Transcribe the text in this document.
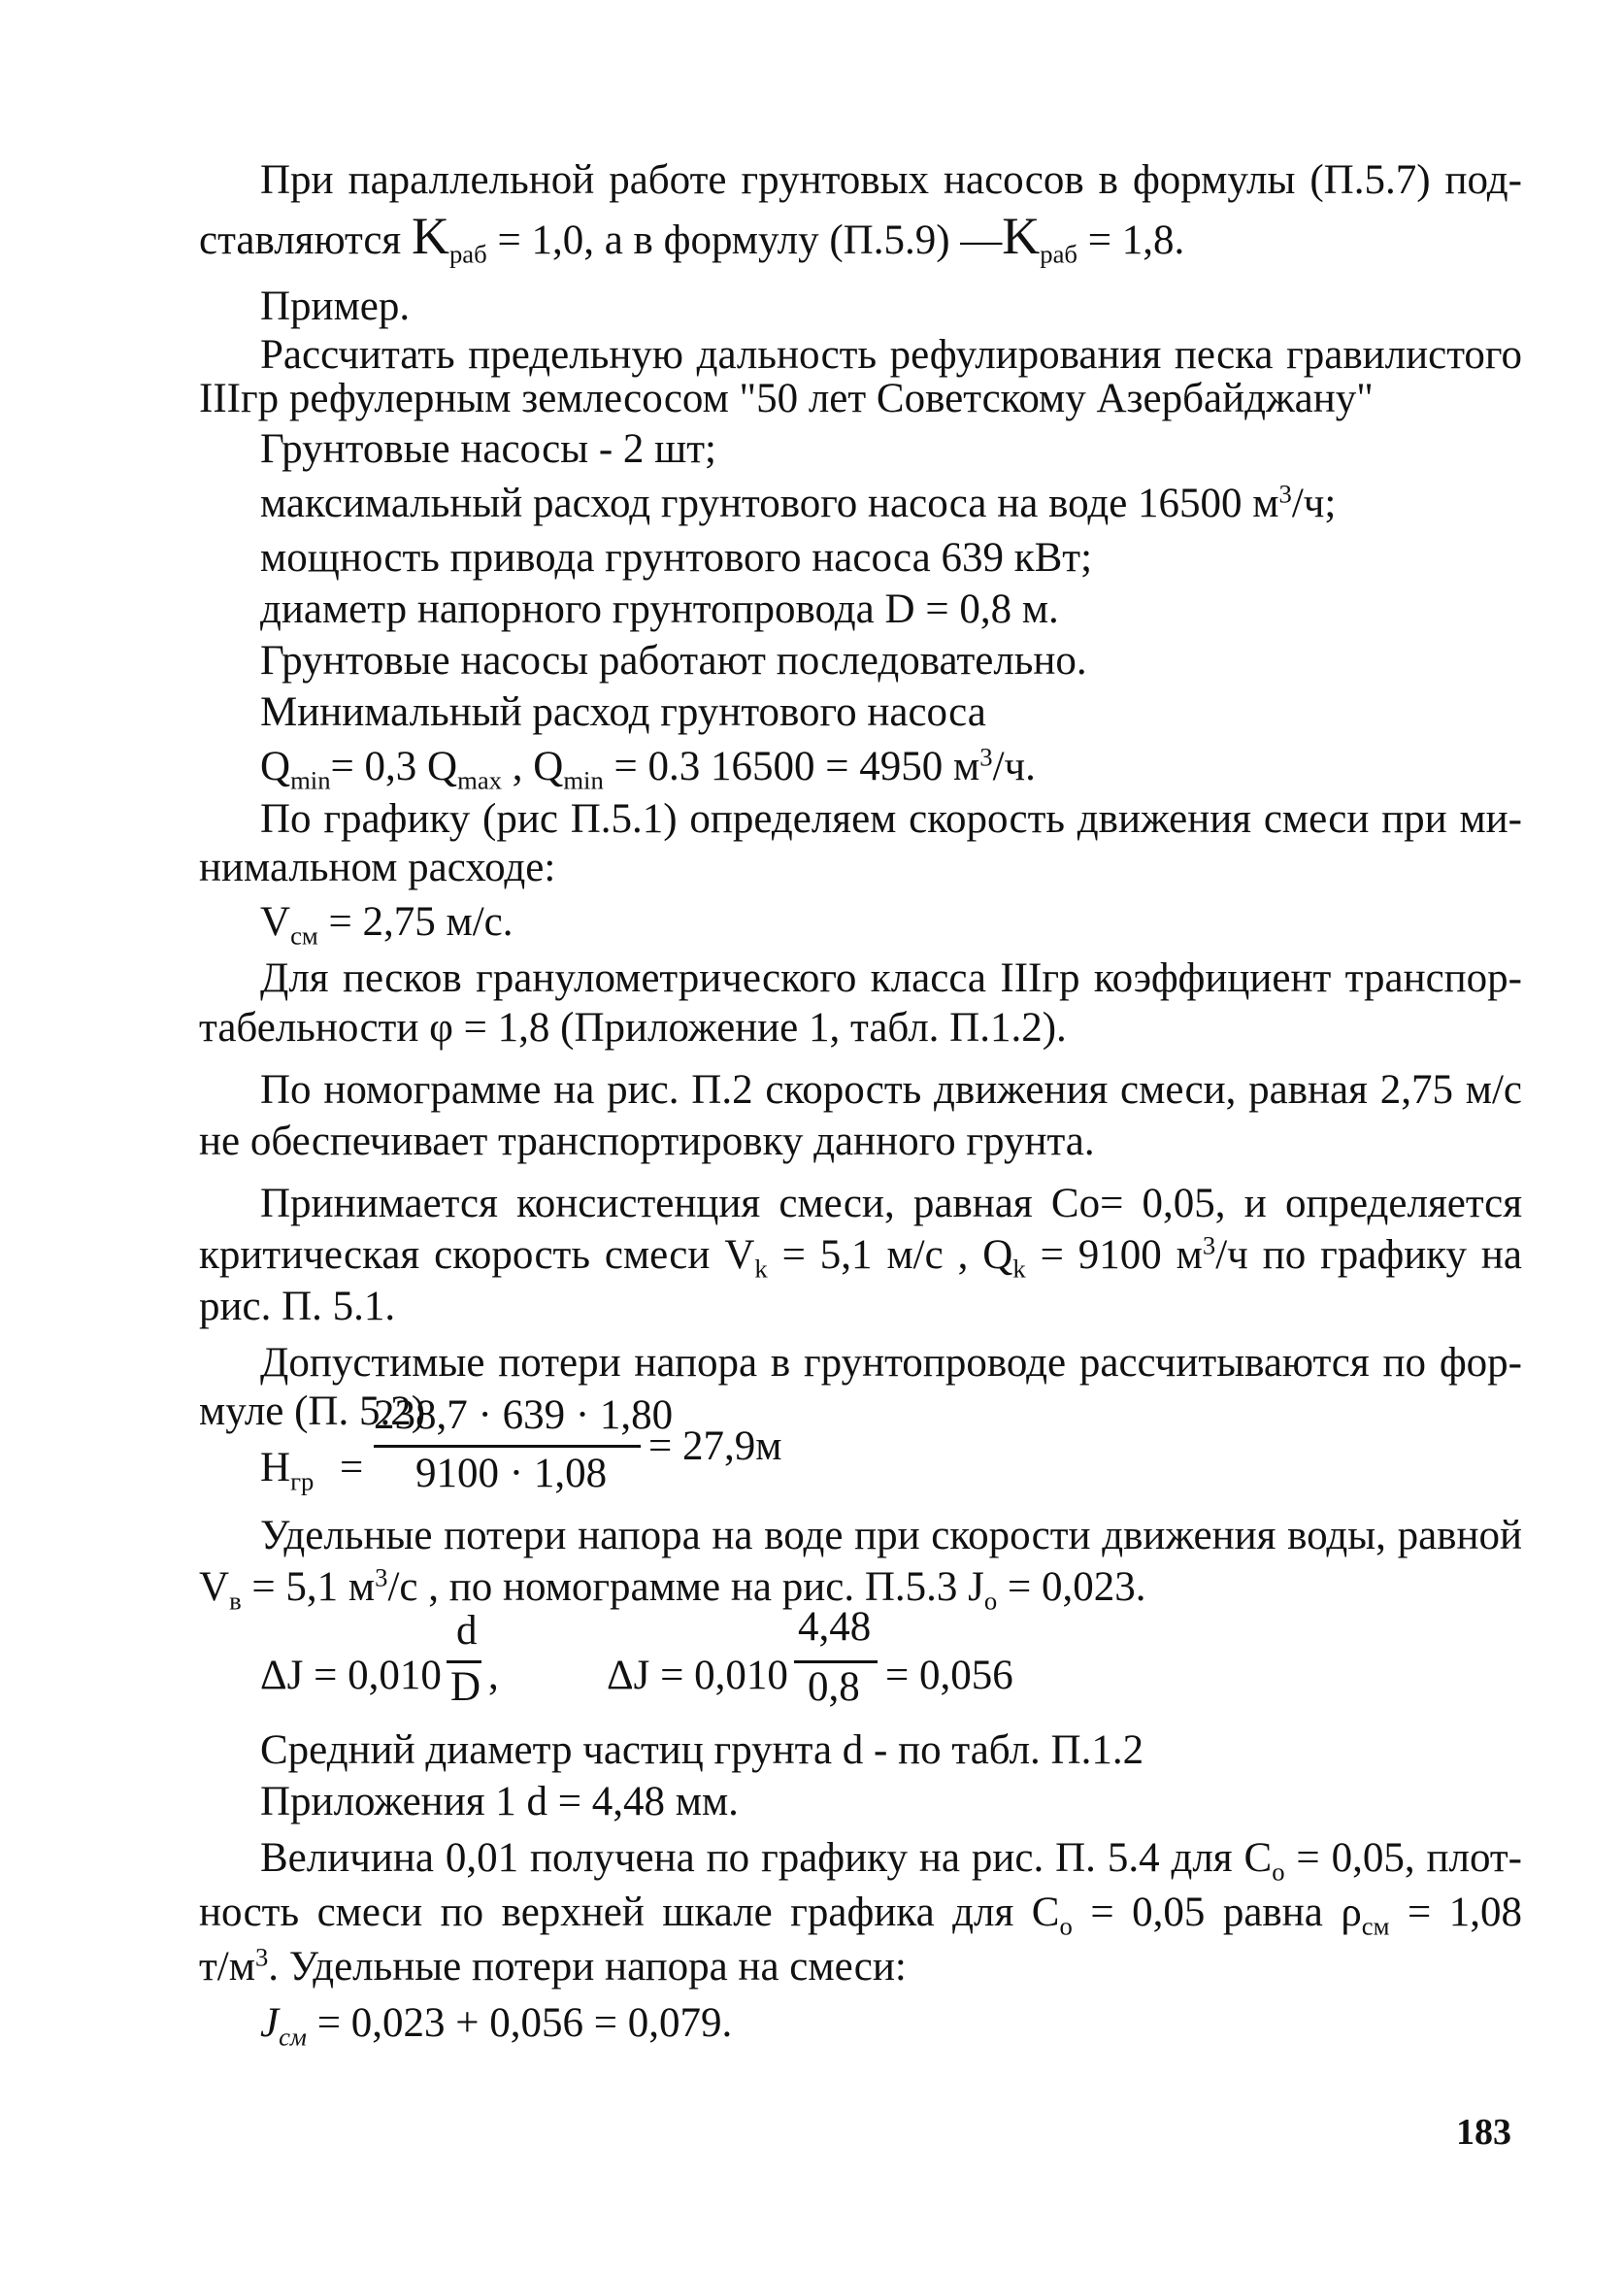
При параллельной работе грунтовых насосов в формулы (П.5.7) под-

ставляются $K_{раб} = 1,0$, а в формулу (П.5.9) $—K_{раб} = 1,8$.

Пример.

Рассчитать предельную дальность рефулирования песка гравилистого

IIIгр рефулерным землесосом "50 лет Советскому Азербайджану"

Грунтовые насосы - 2 шт;

максимальный расход грунтового насоса на воде 16500 $м^3/ч$;

мощность привода грунтового насоса 639 кВт;

диаметр напорного грунтопровода D = 0,8 м.

Грунтовые насосы работают последовательно.

Минимальный расход грунтового насоса

$Q_{min}= 0,3$ $Q_{max}$ , $Q_{min} = 0.3$ 16500 = 4950 $м^3/ч$.

По графику (рис П.5.1) определяем скорость движения смеси при ми-

нимальном расходе:

$V_{см} = 2,75$ м/с.

Для песков гранулометрического класса IIIгр коэффициент транспор-

табельности φ = 1,8 (Приложение 1, табл. П.1.2).

По номограмме на рис. П.2 скорость движения смеси, равная 2,75 м/с

не обеспечивает транспортировку данного грунта.

Принимается консистенция смеси, равная Co= 0,05, и определяется

критическая скорость смеси $V_k = 5,1$ м/с , $Q_k = 9100$ $м^3/ч$ по графику на

рис. П. 5.1.

Допустимые потери напора в грунтопроводе рассчитываются по фор-

муле (П. 5.2)

$H_{гр}$ =
238,7 · 639 · 1,80
9100 · 1,08
= 27,9м

Удельные потери напора на воде при скорости движения воды, равной

$V_в = 5,1$ $м^3/с$ , по номограмме на рис. П.5.3 $J_o = 0,023$.

ΔJ = 0,010
d
D ,	ΔJ = 0,010
4,48
0,8 = 0,056

Средний диаметр частиц грунта d - по табл. П.1.2

Приложения 1 d = 4,48 мм.

Величина 0,01 получена по графику на рис. П. 5.4 для $C_o = 0,05$, плот-

ность смеси по верхней шкале графика для $C_o = 0,05$ равна $\rho_{см} = 1,08$

$т/м^3$. Удельные потери напора на смеси:

$J_{см} = 0,023 + 0,056 = 0,079$.

183
